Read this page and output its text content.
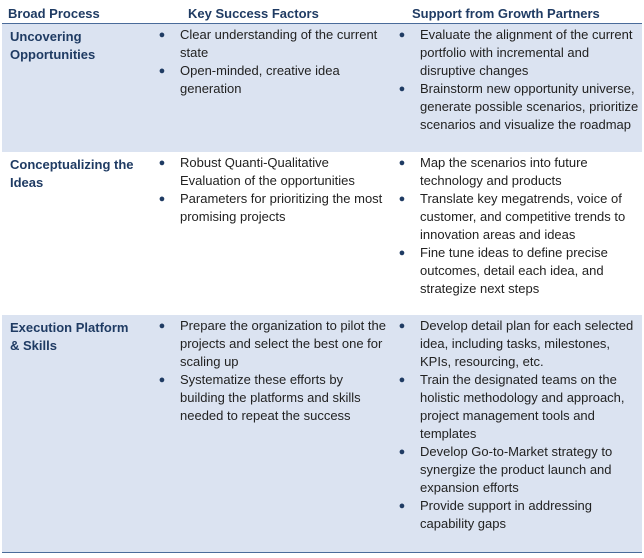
Broad Process	Key Success Factors	Support from Growth Partners
Uncovering Opportunities
● Clear understanding of the current state
● Open-minded, creative idea generation
● Evaluate the alignment of the current portfolio with incremental and disruptive changes
● Brainstorm new opportunity universe, generate possible scenarios, prioritize scenarios and visualize the roadmap
Conceptualizing the Ideas
● Robust Quanti-Qualitative Evaluation of the opportunities
● Parameters for prioritizing the most promising projects
● Map the scenarios into future technology and products
● Translate key megatrends, voice of customer, and competitive trends to innovation areas and ideas
● Fine tune ideas to define precise outcomes, detail each idea, and strategize next steps
Execution Platform & Skills
● Prepare the organization to pilot the projects and select the best one for scaling up
● Systematize these efforts by building the platforms and skills needed to repeat the success
● Develop detail plan for each selected idea, including tasks, milestones, KPIs, resourcing, etc.
● Train the designated teams on the holistic methodology and approach, project management tools and templates
● Develop Go-to-Market strategy to synergize the product launch and expansion efforts
● Provide support in addressing capability gaps
